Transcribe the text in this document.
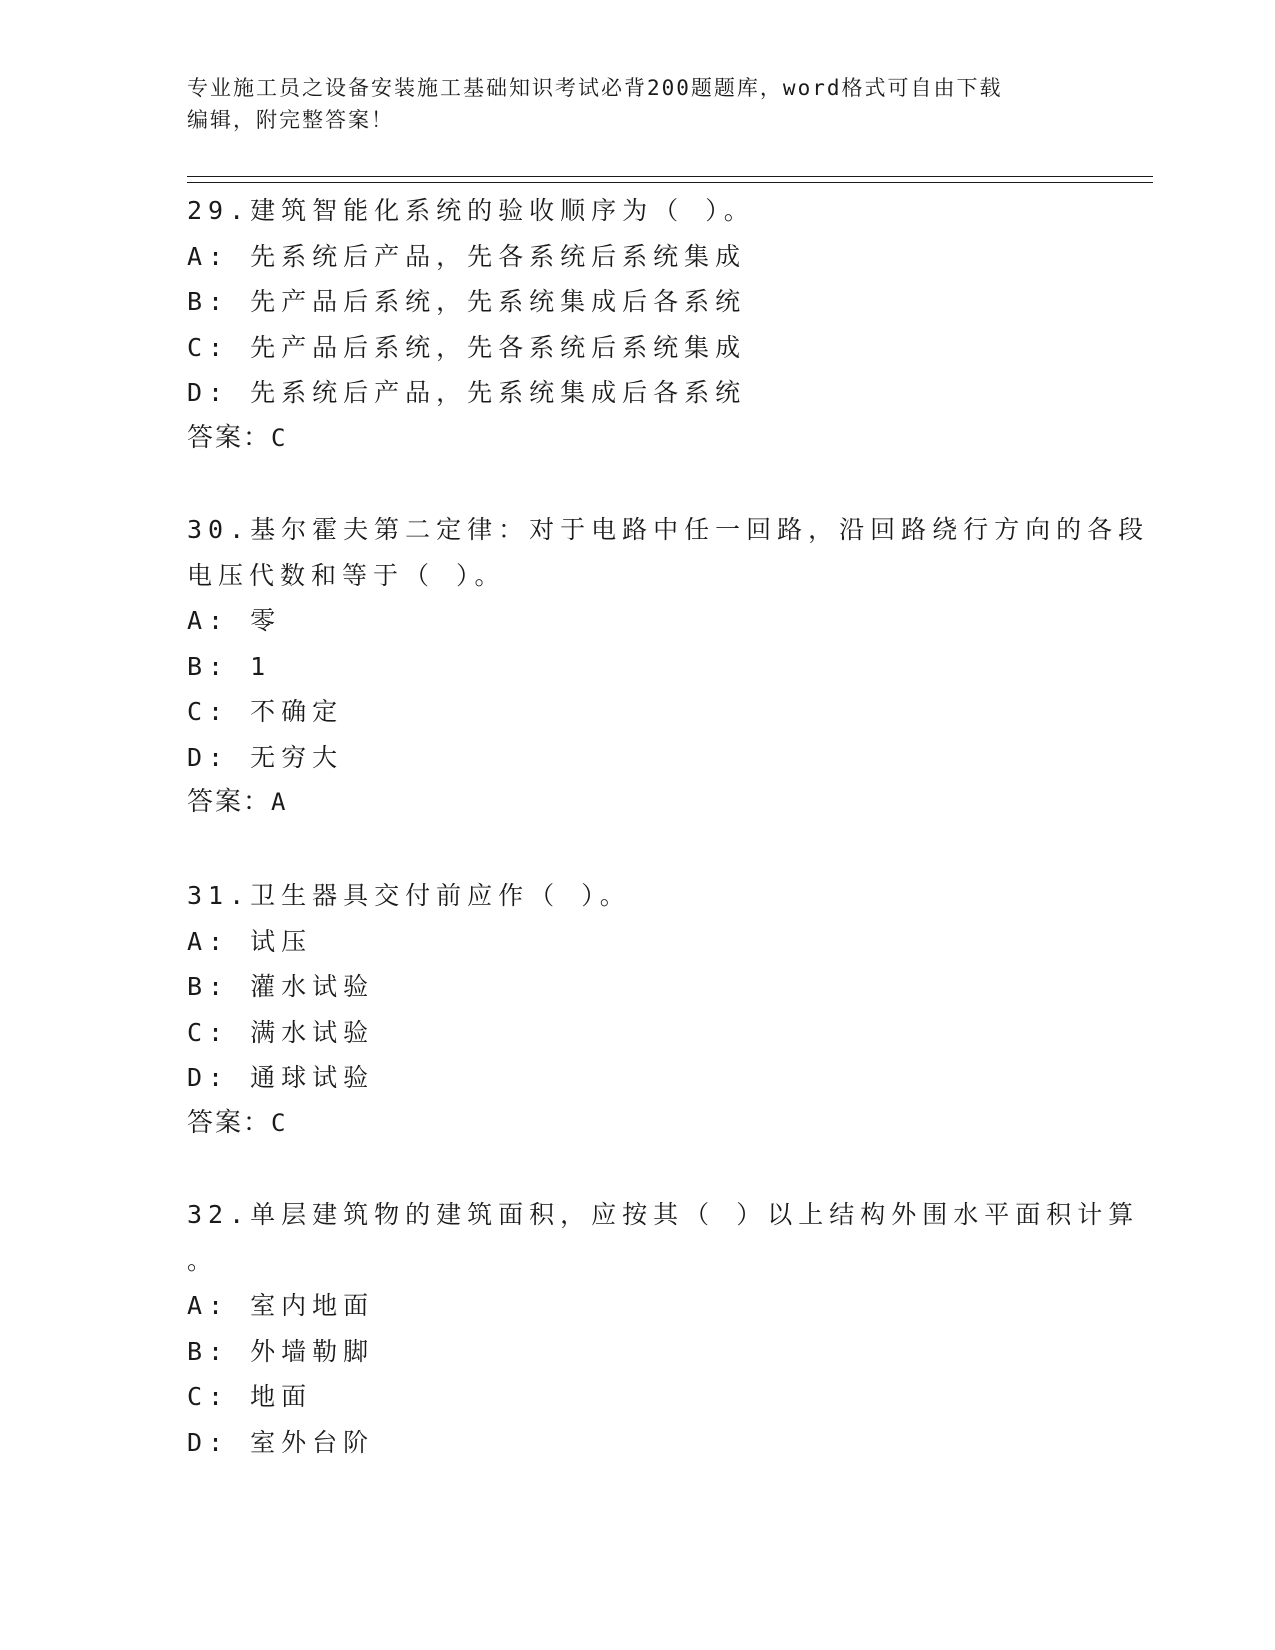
专业施工员之设备安装施工基础知识考试必背200题题库，word格式可自由下载
编辑，附完整答案！
29.建筑智能化系统的验收顺序为（ ）。
A: 先系统后产品，先各系统后系统集成
B: 先产品后系统，先系统集成后各系统
C: 先产品后系统，先各系统后系统集成
D: 先系统后产品，先系统集成后各系统
答案：C
30.基尔霍夫第二定律：对于电路中任一回路，沿回路绕行方向的各段
电压代数和等于（ ）。
A: 零
B: 1
C: 不确定
D: 无穷大
答案：A
31.卫生器具交付前应作（ ）。
A: 试压
B: 灌水试验
C: 满水试验
D: 通球试验
答案：C
32.单层建筑物的建筑面积，应按其（ ）以上结构外围水平面积计算
。
A: 室内地面
B: 外墙勒脚
C: 地面
D: 室外台阶
